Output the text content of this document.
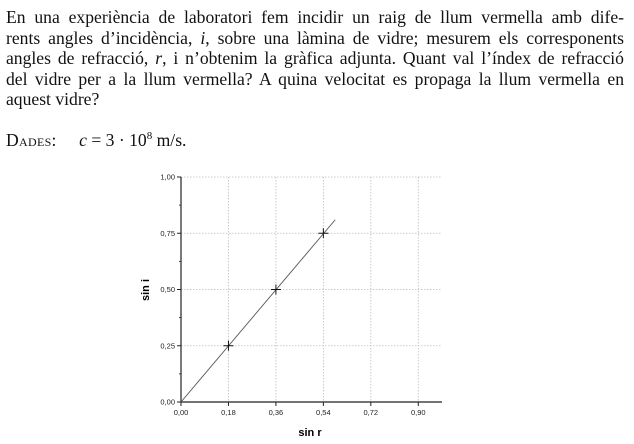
En una experiència de laboratori fem incidir un raig de llum vermella amb dife-
rents angles d’incidència, i, sobre una làmina de vidre; mesurem els corresponents
angles de refracció, r, i n’obtenim la gràfica adjunta. Quant val l’índex de refracció
del vidre per a la llum vermella? A quina velocitat es propaga la llum vermella en
aquest vidre?
Dades: $c = 3 \cdot 10^8$ m/s.
0,00	0,18	0,36	0,54	0,72	0,90
0,00
0,25
0,50
0,75
1,00
sin r
sin i
